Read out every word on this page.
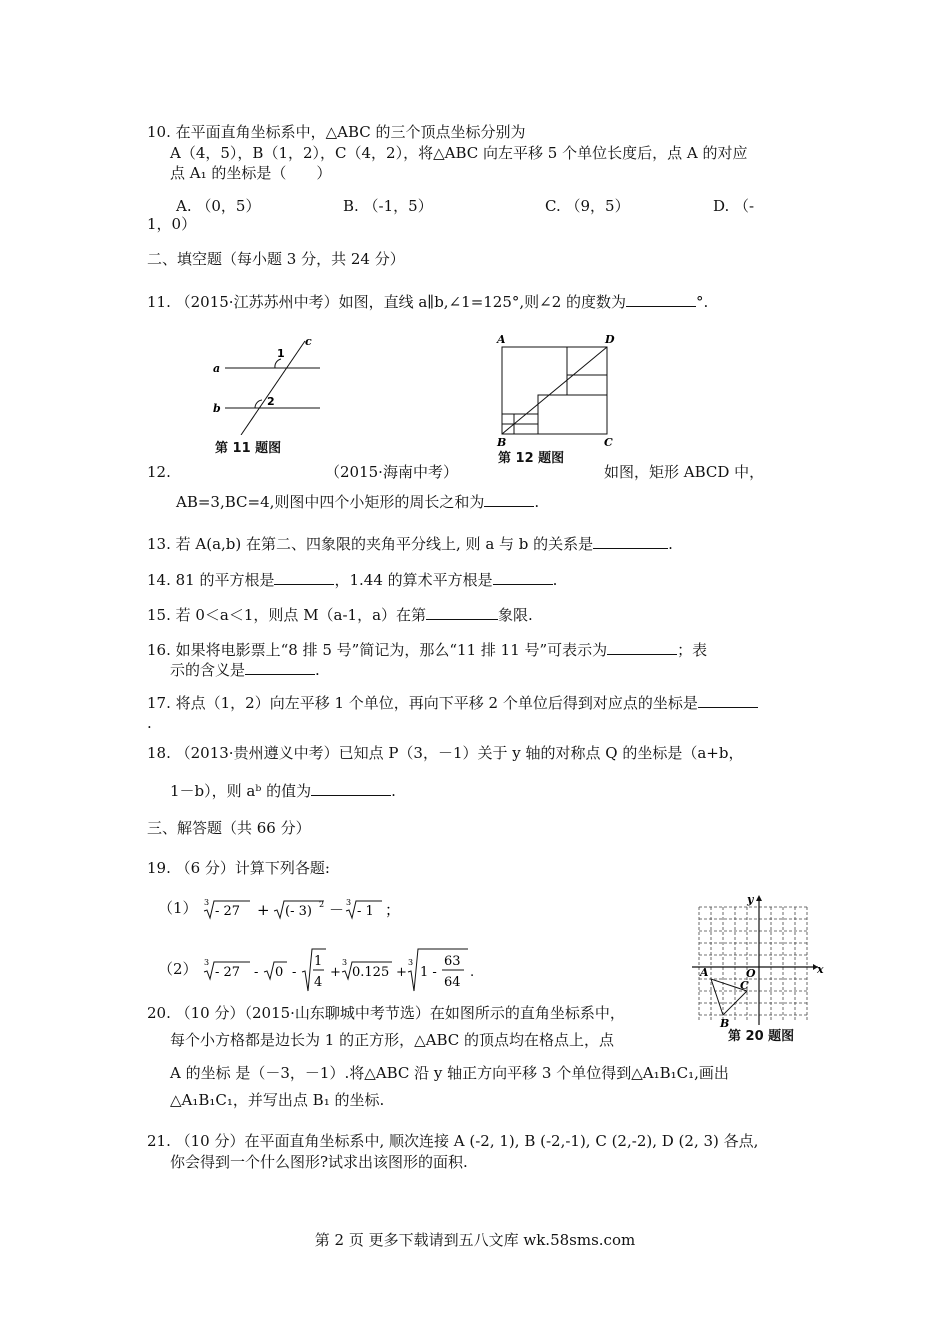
10. 在平面直角坐标系中，△ABC 的三个顶点坐标分别为
A（4，5），B（1，2），C（4，2），将△ABC 向左平移 5 个单位长度后，点 A 的对应
点 A₁ 的坐标是（　　）
A. （0，5）	B. （-1，5）	C. （9，5）	D. （-
1，0）
二、填空题（每小题 3 分，共 24 分）
11. （2015·江苏苏州中考）如图，直线 a∥b,∠1=125°,则∠2 的度数为	°.
a
b
c
1
2
第 11 题图
A	D
B	C
第 12 题图
12.	（2015·海南中考）	如图，矩形 ABCD 中，
AB=3,BC=4,则图中四个小矩形的周长之和为	.
13. 若 A(a,b) 在第二、四象限的夹角平分线上, 则 a 与 b 的关系是	.
14. 81 的平方根是	，1.44 的算术平方根是	.
15. 若 0＜a＜1，则点 M（a-1，a）在第	象限.
16. 如果将电影票上“8 排 5 号”简记为，那么“11 排 11 号”可表示为	；表
示的含义是	.
17. 将点（1，2）向左平移 1 个单位，再向下平移 2 个单位后得到对应点的坐标是
.
18. （2013·贵州遵义中考）已知点 P（3，－1）关于 y 轴的对称点 Q 的坐标是（a+b，
1－b），则 aᵇ 的值为	.
三、解答题（共 66 分）
19. （6 分）计算下列各题:
（1） 3
- 27 + (- 3) 2 － 3
- 1 ；
（2） 3
- 27 - 0 -
1
4
+
3
0.125 +
3
1 -
63
64
.
y
x
O
A
C
B
第 20 题图
20. （10 分）（2015·山东聊城中考节选）在如图所示的直角坐标系中，
每个小方格都是边长为 1 的正方形，△ABC 的顶点均在格点上，点
A 的坐标 是（－3，－1）.将△ABC 沿 y 轴正方向平移 3 个单位得到△A₁B₁C₁,画出
△A₁B₁C₁，并写出点 B₁ 的坐标.
21. （10 分）在平面直角坐标系中, 顺次连接 A (-2, 1), B (-2,-1), C (2,-2), D (2, 3) 各点,
你会得到一个什么图形?试求出该图形的面积.
第 2 页 更多下载请到五八文库 wk.58sms.com
